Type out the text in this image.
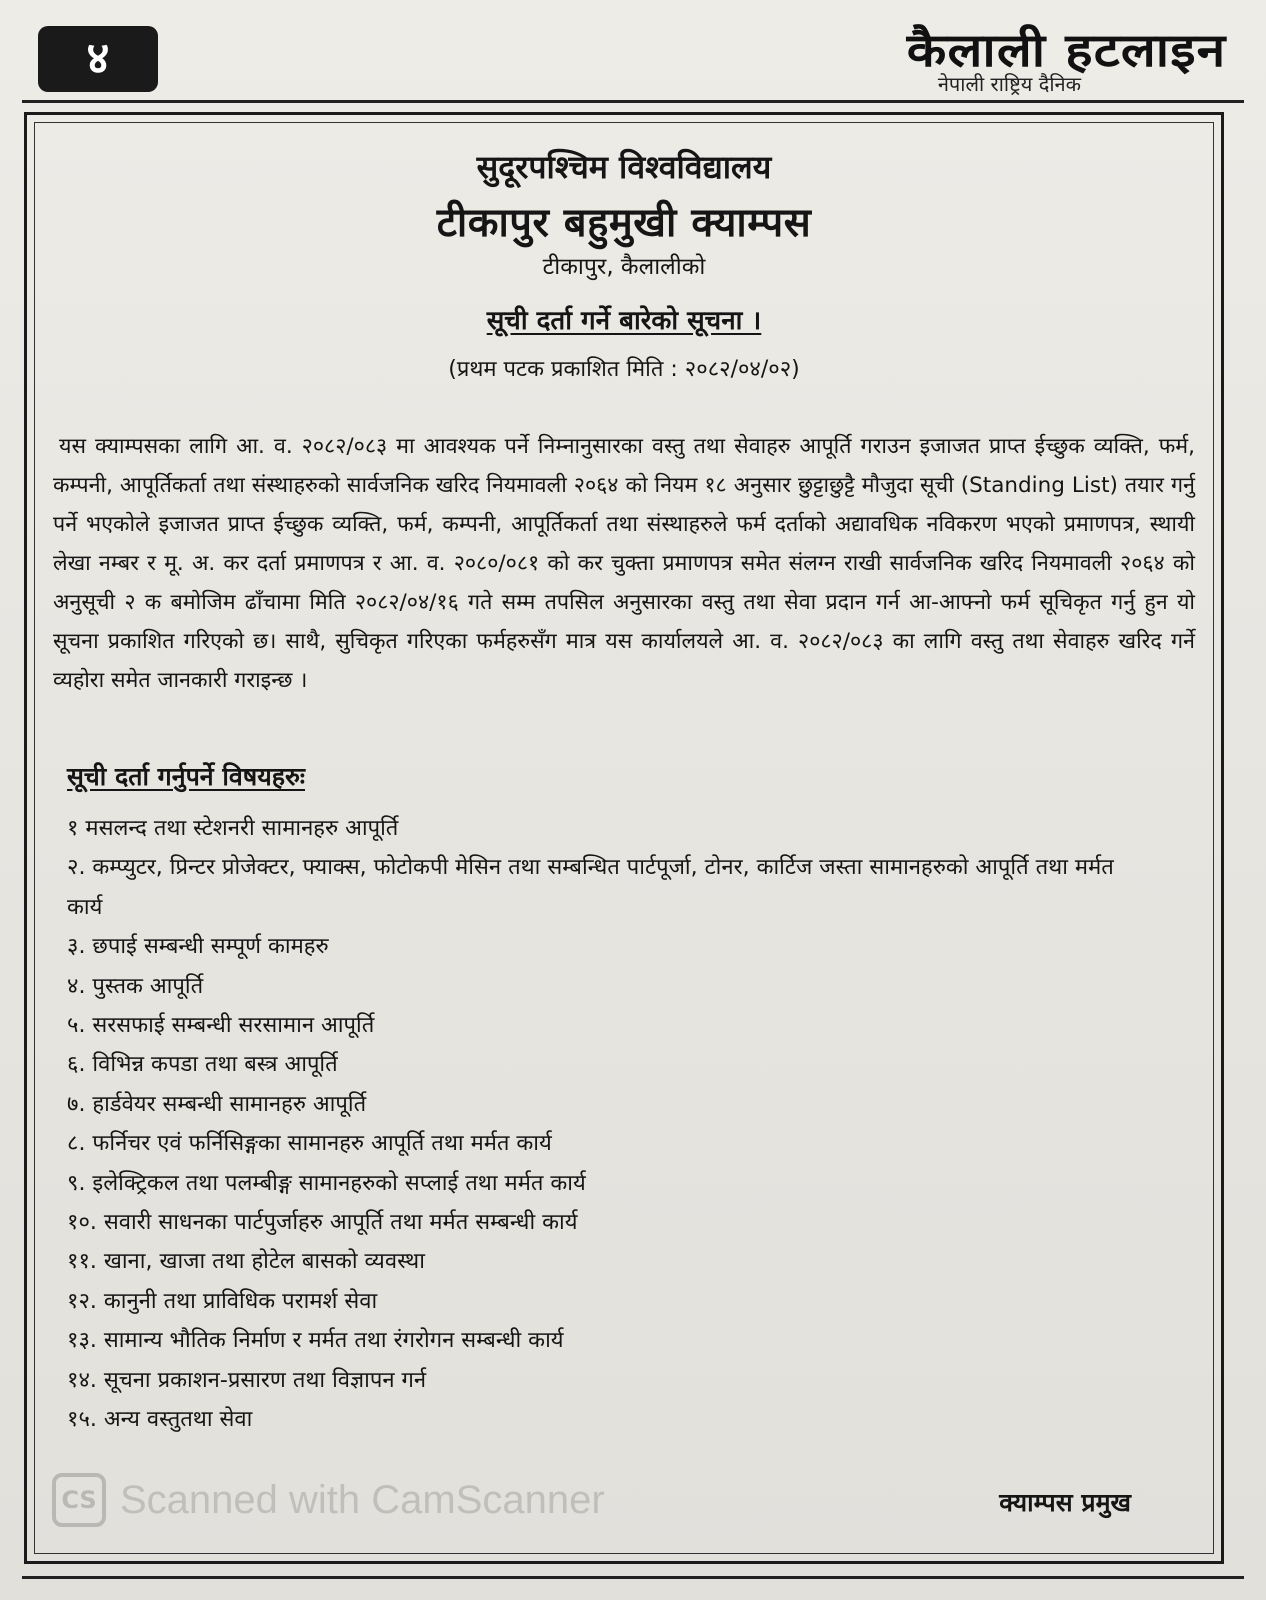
४	कैलाली हटलाइन
नेपाली राष्ट्रिय दैनिक
सुदूरपश्चिम विश्वविद्यालय
टीकापुर बहुमुखी क्याम्पस
टीकापुर, कैलालीको
सूची दर्ता गर्ने बारेको सूचना ।
(प्रथम पटक प्रकाशित मिति : २०८२/०४/०२)

यस क्याम्पसका लागि आ. व. २०८२/०८३ मा आवश्यक पर्ने निम्नानुसारका वस्तु तथा सेवाहरु आपूर्ति गराउन इजाजत प्राप्त ईच्छुक व्यक्ति, फर्म, कम्पनी, आपूर्तिकर्ता तथा संस्थाहरुको सार्वजनिक खरिद नियमावली २०६४ को नियम १८ अनुसार छुट्टाछुट्टै मौजुदा सूची (Standing List) तयार गर्नु पर्ने भएकोले इजाजत प्राप्त ईच्छुक व्यक्ति, फर्म, कम्पनी, आपूर्तिकर्ता तथा संस्थाहरुले फर्म दर्ताको अद्यावधिक नविकरण भएको प्रमाणपत्र, स्थायी लेखा नम्बर र मू. अ. कर दर्ता प्रमाणपत्र र आ. व. २०८०/०८१ को कर चुक्ता प्रमाणपत्र समेत संलग्न राखी सार्वजनिक खरिद नियमावली २०६४ को अनुसूची २ क बमोजिम ढाँचामा मिति २०८२/०४/१६ गते सम्म तपसिल अनुसारका वस्तु तथा सेवा प्रदान गर्न आ-आफ्नो फर्म सूचिकृत गर्नु हुन यो सूचना प्रकाशित गरिएको छ। साथै, सुचिकृत गरिएका फर्महरुसँग मात्र यस कार्यालयले आ. व. २०८२/०८३ का लागि वस्तु तथा सेवाहरु खरिद गर्ने व्यहोरा समेत जानकारी गराइन्छ ।

सूची दर्ता गर्नुपर्ने विषयहरुः
१ मसलन्द तथा स्टेशनरी सामानहरु आपूर्ति
२. कम्प्युटर, प्रिन्टर प्रोजेक्टर, फ्याक्स, फोटोकपी मेसिन तथा सम्बन्धित पार्टपूर्जा, टोनर, कार्टिज जस्ता सामानहरुको आपूर्ति तथा मर्मत कार्य
३. छपाई सम्बन्धी सम्पूर्ण कामहरु
४. पुस्तक आपूर्ति
५. सरसफाई सम्बन्धी सरसामान आपूर्ति
६. विभिन्न कपडा तथा बस्त्र आपूर्ति
७. हार्डवेयर सम्बन्धी सामानहरु आपूर्ति
८. फर्निचर एवं फर्निसिङ्गका सामानहरु आपूर्ति तथा मर्मत कार्य
९. इलेक्ट्रिकल तथा पलम्बीङ्ग सामानहरुको सप्लाई तथा मर्मत कार्य
१०. सवारी साधनका पार्टपुर्जाहरु आपूर्ति तथा मर्मत सम्बन्धी कार्य
११. खाना, खाजा तथा होटेल बासको व्यवस्था
१२. कानुनी तथा प्राविधिक परामर्श सेवा
१३. सामान्य भौतिक निर्माण र मर्मत तथा रंगरोगन सम्बन्धी कार्य
१४. सूचना प्रकाशन-प्रसारण तथा विज्ञापन गर्न
१५. अन्य वस्तुतथा सेवा
क्याम्पस प्रमुख
CS Scanned with CamScanner
